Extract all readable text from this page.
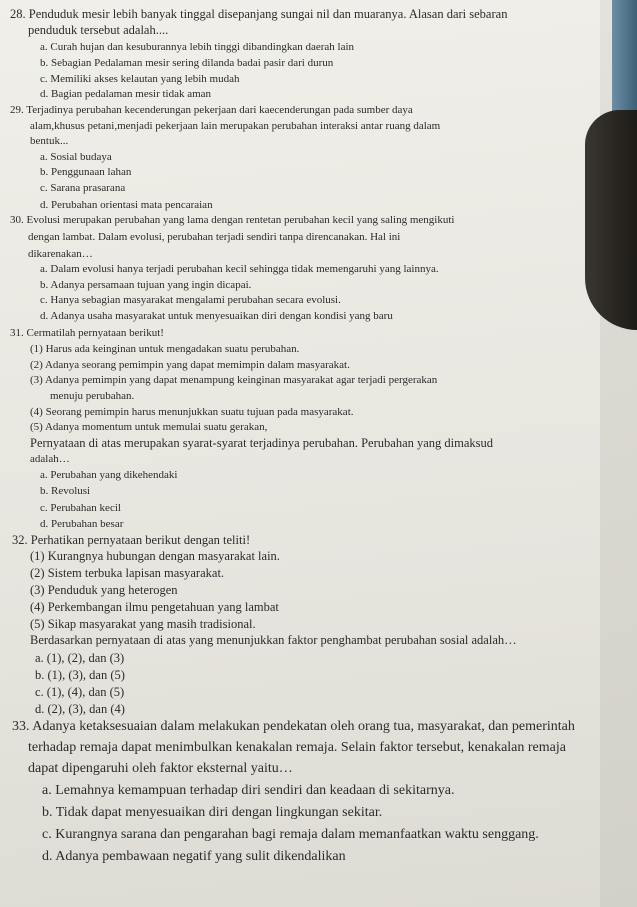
28. Penduduk mesir lebih banyak tinggal disepanjang sungai nil dan muaranya. Alasan dari sebaran
penduduk tersebut adalah....
a. Curah hujan dan kesuburannya lebih tinggi dibandingkan daerah lain
b. Sebagian Pedalaman mesir sering dilanda badai pasir dari durun
c. Memiliki akses kelautan yang lebih mudah
d. Bagian pedalaman mesir tidak aman
29. Terjadinya perubahan kecenderungan pekerjaan dari kaecenderungan pada sumber daya
alam,khusus petani,menjadi pekerjaan lain merupakan perubahan interaksi antar ruang dalam
bentuk...
a. Sosial budaya
b. Penggunaan lahan
c. Sarana prasarana
d. Perubahan orientasi mata pencaraian
30. Evolusi merupakan perubahan yang lama dengan rentetan perubahan kecil yang saling mengikuti
dengan lambat. Dalam evolusi, perubahan terjadi sendiri tanpa direncanakan. Hal ini
dikarenakan…
a. Dalam evolusi hanya terjadi perubahan kecil sehingga tidak memengaruhi yang lainnya.
b. Adanya persamaan tujuan yang ingin dicapai.
c. Hanya sebagian masyarakat mengalami perubahan secara evolusi.
d. Adanya usaha masyarakat untuk menyesuaikan diri dengan kondisi yang baru
31. Cermatilah pernyataan berikut!
(1) Harus ada keinginan untuk mengadakan suatu perubahan.
(2) Adanya seorang pemimpin yang dapat memimpin dalam masyarakat.
(3) Adanya pemimpin yang dapat menampung keinginan masyarakat agar terjadi pergerakan
menuju perubahan.
(4) Seorang pemimpin harus menunjukkan suatu tujuan pada masyarakat.
(5) Adanya momentum untuk memulai suatu gerakan,
Pernyataan di atas merupakan syarat-syarat terjadinya perubahan. Perubahan yang dimaksud
adalah…
a. Perubahan yang dikehendaki
b. Revolusi
c. Perubahan kecil
d. Perubahan besar
32. Perhatikan pernyataan berikut dengan teliti!
(1) Kurangnya hubungan dengan masyarakat lain.
(2) Sistem terbuka lapisan masyarakat.
(3) Penduduk yang heterogen
(4) Perkembangan ilmu pengetahuan yang lambat
(5) Sikap masyarakat yang masih tradisional.
Berdasarkan pernyataan di atas yang menunjukkan faktor penghambat perubahan sosial adalah…
a. (1), (2), dan (3)
b. (1), (3), dan (5)
c. (1), (4), dan (5)
d. (2), (3), dan (4)
33. Adanya ketaksesuaian dalam melakukan pendekatan oleh orang tua, masyarakat, dan pemerintah
terhadap remaja dapat menimbulkan kenakalan remaja. Selain faktor tersebut, kenakalan remaja
dapat dipengaruhi oleh faktor eksternal yaitu…
a. Lemahnya kemampuan terhadap diri sendiri dan keadaan di sekitarnya.
b. Tidak dapat menyesuaikan diri dengan lingkungan sekitar.
c. Kurangnya sarana dan pengarahan bagi remaja dalam memanfaatkan waktu senggang.
d. Adanya pembawaan negatif yang sulit dikendalikan
